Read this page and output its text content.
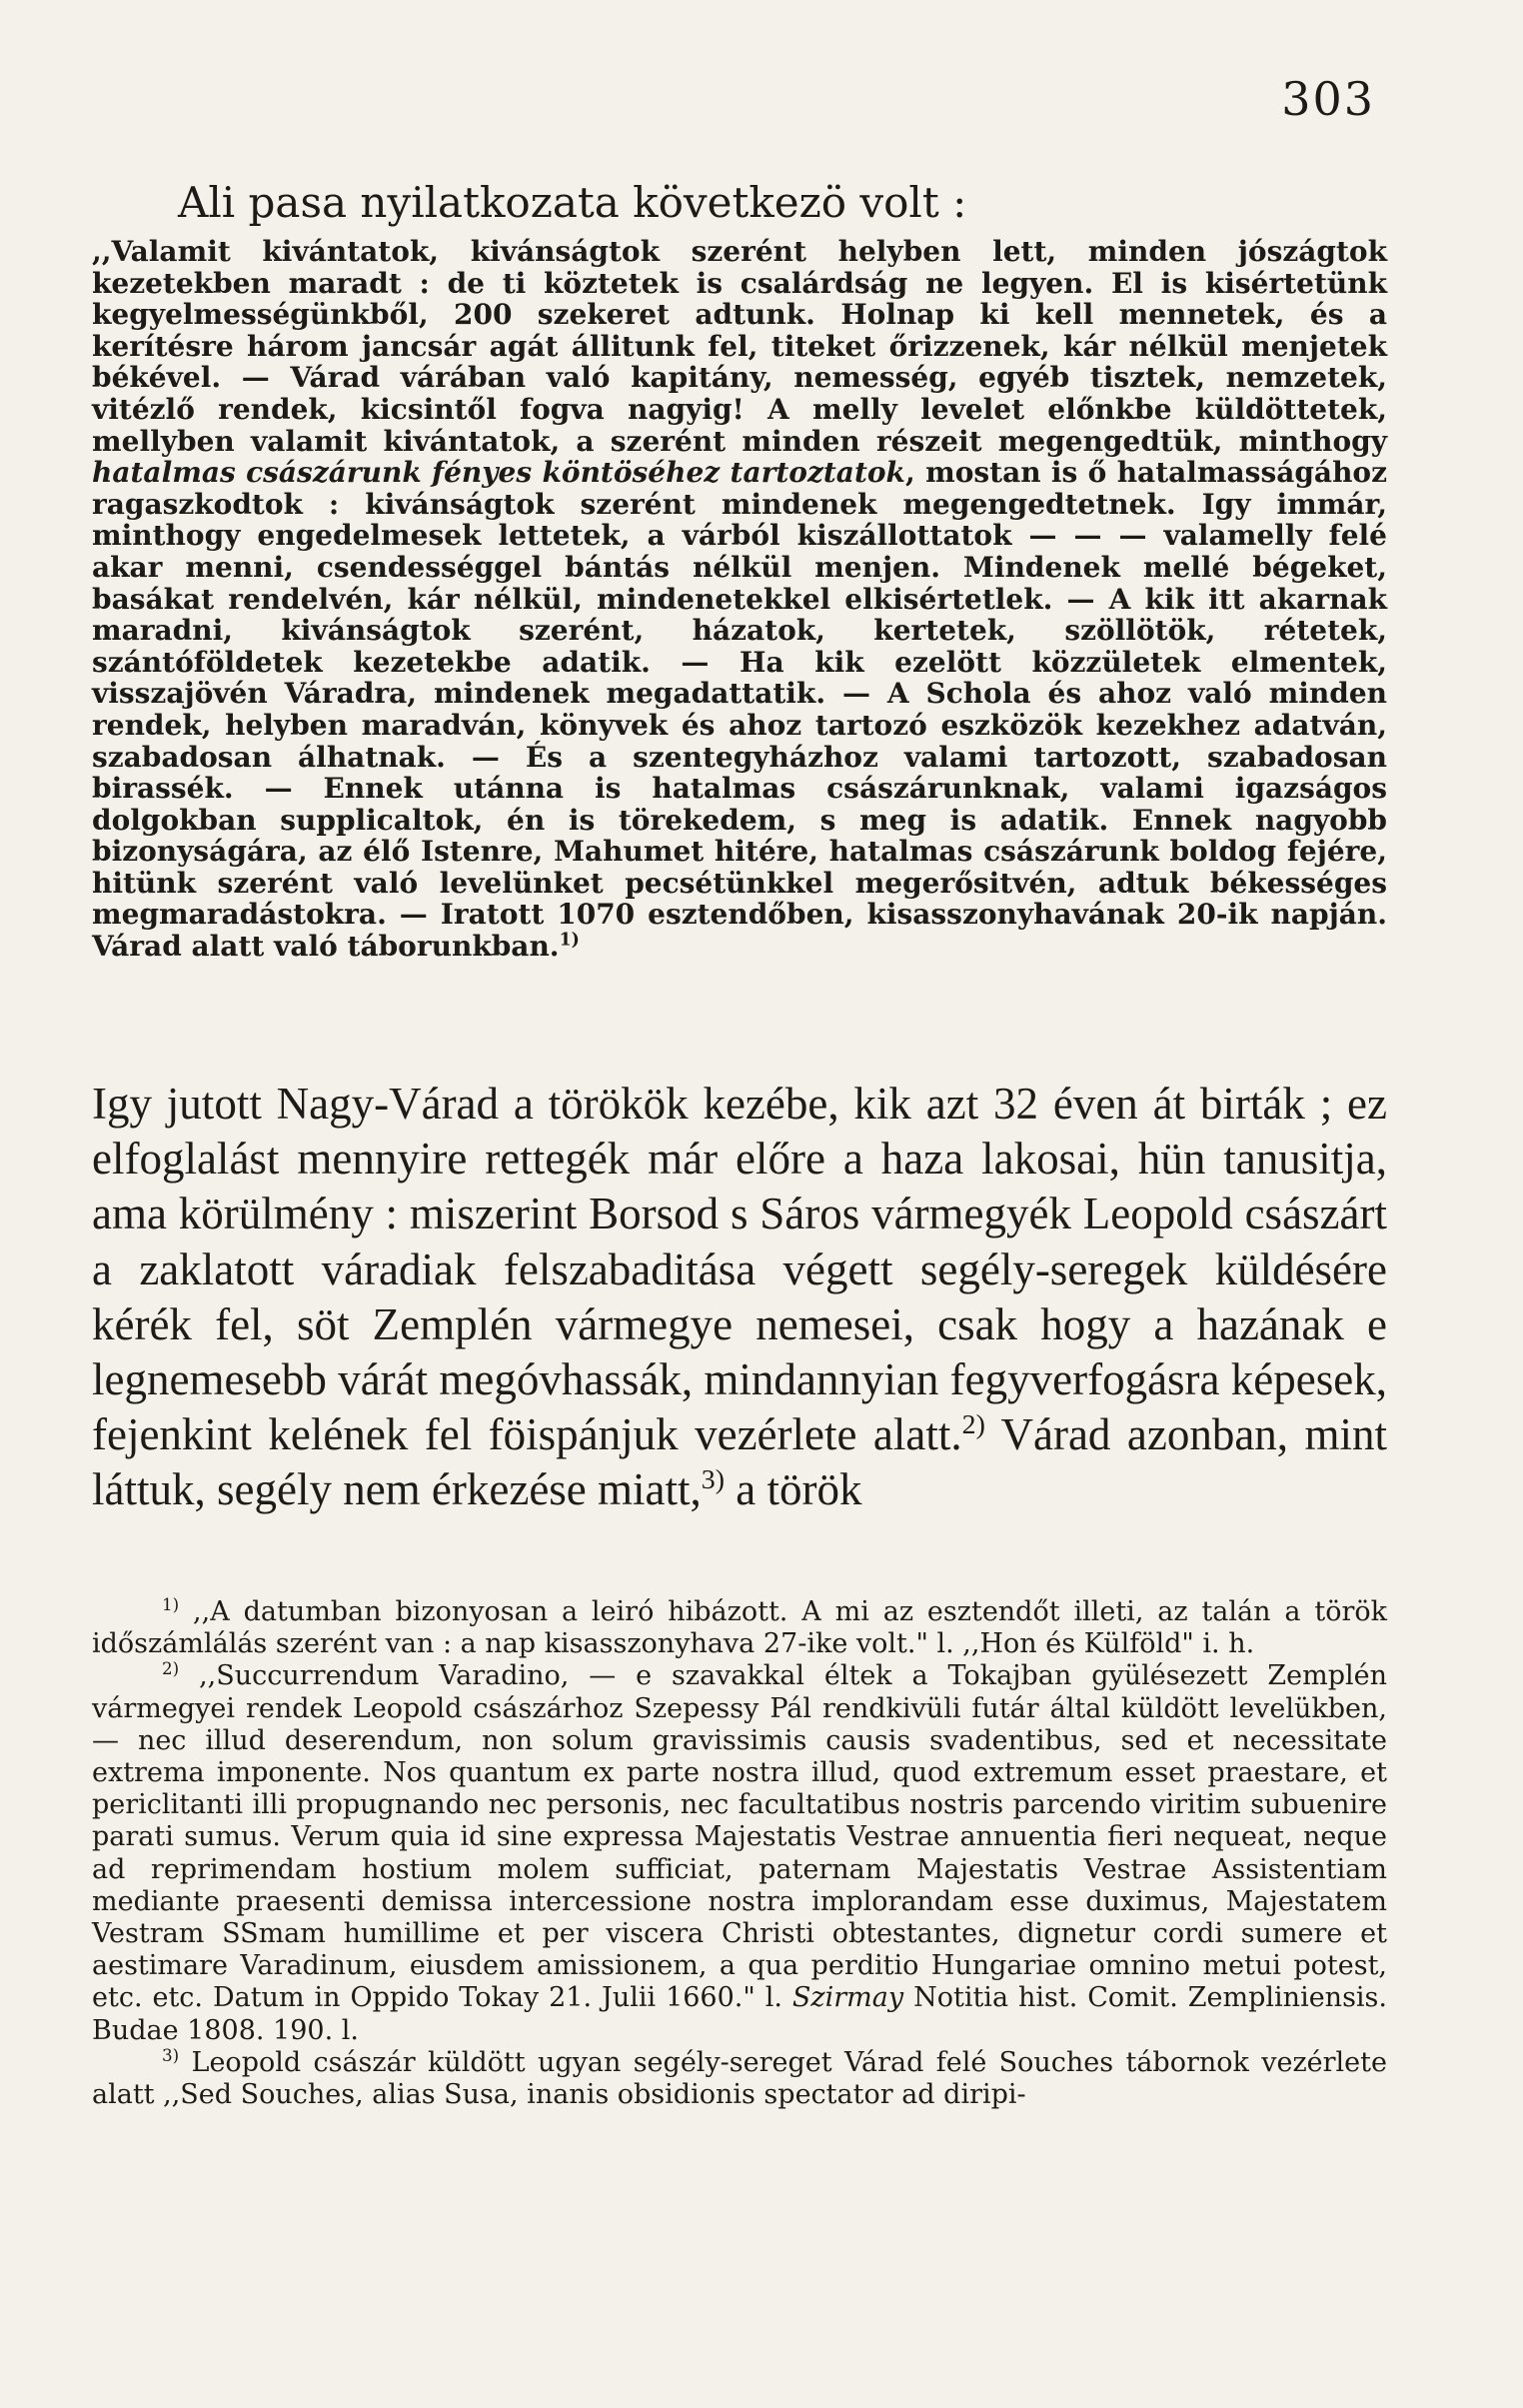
303
Ali pasa nyilatkozata következö volt :
,,Valamit kivántatok, kivánságtok szerént helyben lett, minden jószágtok kezetekben maradt : de ti köztetek is csalárdság ne legyen. El is kisértetünk kegyelmességünkből, 200 szekeret adtunk. Holnap ki kell mennetek, és a kerítésre három jancsár agát állitunk fel, titeket őrizzenek, kár nélkül menjetek békével. — Várad várában való kapitány, nemesség, egyéb tisztek, nemzetek, vitézlő rendek, kicsintől fogva nagyig! A melly levelet előnkbe küldöttetek, mellyben valamit kivántatok, a szerént minden részeit megengedtük, minthogy hatalmas császárunk fényes köntöséhez tartoztatok, mostan is ő hatalmasságához ragaszkodtok : kivánságtok szerént mindenek megengedtetnek. Igy immár, minthogy engedelmesek lettetek, a várból kiszállottatok — — — valamelly felé akar menni, csendességgel bántás nélkül menjen. Mindenek mellé bégeket, basákat rendelvén, kár nélkül, mindenetekkel elkisértetlek. — A kik itt akarnak maradni, kivánságtok szerént, házatok, kertetek, szöllötök, rétetek, szántóföldetek kezetekbe adatik. — Ha kik ezelött közzületek elmentek, visszajövén Váradra, mindenek megadattatik. — A Schola és ahoz való minden rendek, helyben maradván, könyvek és ahoz tartozó eszközök kezekhez adatván, szabadosan álhatnak. — És a szentegyházhoz valami tartozott, szabadosan birassék. — Ennek utánna is hatalmas császárunknak, valami igazságos dolgokban supplicaltok, én is törekedem, s meg is adatik. Ennek nagyobb bizonyságára, az élő Istenre, Mahumet hitére, hatalmas császárunk boldog fejére, hitünk szerént való levelünket pecsétünkkel megerősitvén, adtuk békességes megmaradástokra. — Iratott 1070 esztendőben, kisasszonyhavának 20-ik napján. Várad alatt való táborunkban.$^{1)}$
Igy jutott Nagy-Várad a törökök kezébe, kik azt 32 éven át birták ; ez elfoglalást mennyire rettegék már előre a haza lakosai, hün tanusitja, ama körülmény : miszerint Borsod s Sáros vármegyék Leopold császárt a zaklatott váradiak felszabaditása végett segély-seregek küldésére kérék fel, söt Zemplén vármegye nemesei, csak hogy a hazának e legnemesebb várát megóvhassák, mindannyian fegyverfogásra képesek, fejenkint kelének fel föispánjuk vezérlete alatt.$^{2)}$ Várad azonban, mint láttuk, segély nem érkezése miatt,$^{3)}$ a török

$^{1)}$ ,,A datumban bizonyosan a leiró hibázott. A mi az esztendőt illeti, az talán a török időszámlálás szerént van : a nap kisasszonyhava 27-ike volt." l. ,,Hon és Külföld" i. h.

$^{2)}$ ,,Succurrendum Varadino, — e szavakkal éltek a Tokajban gyülésezett Zemplén vármegyei rendek Leopold császárhoz Szepessy Pál rendkivüli futár által küldött levelükben, — nec illud deserendum, non solum gravissimis causis svadentibus, sed et necessitate extrema imponente. Nos quantum ex parte nostra illud, quod extremum esset praestare, et periclitanti illi propugnando nec personis, nec facultatibus nostris parcendo viritim subuenire parati sumus. Verum quia id sine expressa Majestatis Vestrae annuentia fieri nequeat, neque ad reprimendam hostium molem sufficiat, paternam Majestatis Vestrae Assistentiam mediante praesenti demissa intercessione nostra implorandam esse duximus, Majestatem Vestram SSmam humillime et per viscera Christi obtestantes, dignetur cordi sumere et aestimare Varadinum, eiusdem amissionem, a qua perditio Hungariae omnino metui potest, etc. etc. Datum in Oppido Tokay 21. Julii 1660." l. Szirmay Notitia hist. Comit. Zempliniensis. Budae 1808. 190. l.

$^{3)}$ Leopold császár küldött ugyan segély-sereget Várad felé Souches tábornok vezérlete alatt ,,Sed Souches, alias Susa, inanis obsidionis spectator ad diripi-
